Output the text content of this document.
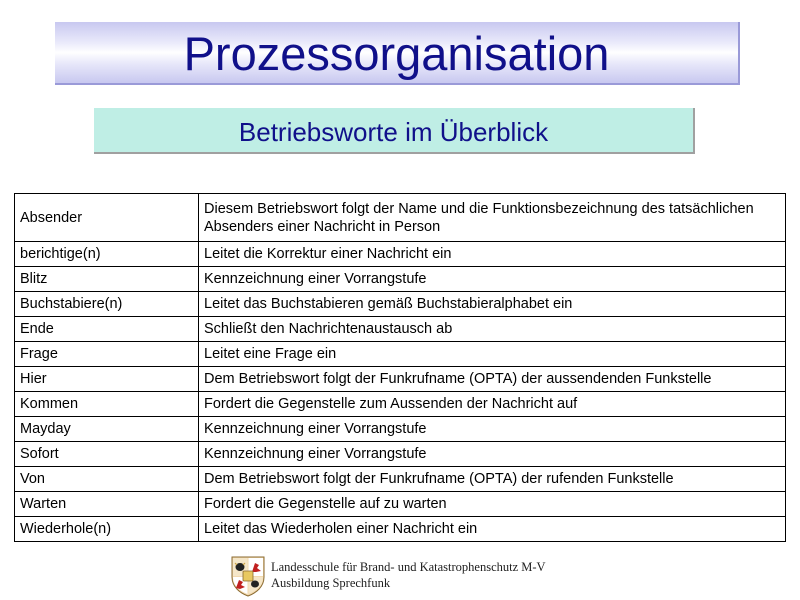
Prozessorganisation
Betriebsworte im Überblick
Absender	Diesem Betriebswort folgt der Name und die Funktionsbezeichnung des tatsächlichen Absenders einer Nachricht in Person
berichtige(n)	Leitet die Korrektur einer Nachricht ein
Blitz	Kennzeichnung einer Vorrangstufe
Buchstabiere(n)	Leitet das Buchstabieren gemäß Buchstabieralphabet ein
Ende	Schließt den Nachrichtenaustausch ab
Frage	Leitet eine Frage ein
Hier	Dem Betriebswort folgt der Funkrufname (OPTA) der aussendenden Funkstelle
Kommen	Fordert die Gegenstelle zum Aussenden der Nachricht auf
Mayday	Kennzeichnung einer Vorrangstufe
Sofort	Kennzeichnung einer Vorrangstufe
Von	Dem Betriebswort folgt der Funkrufname (OPTA) der rufenden Funkstelle
Warten	Fordert die Gegenstelle auf zu warten
Wiederhole(n)	Leitet das Wiederholen einer Nachricht ein
Landesschule für Brand- und Katastrophenschutz M-V
Ausbildung Sprechfunk
